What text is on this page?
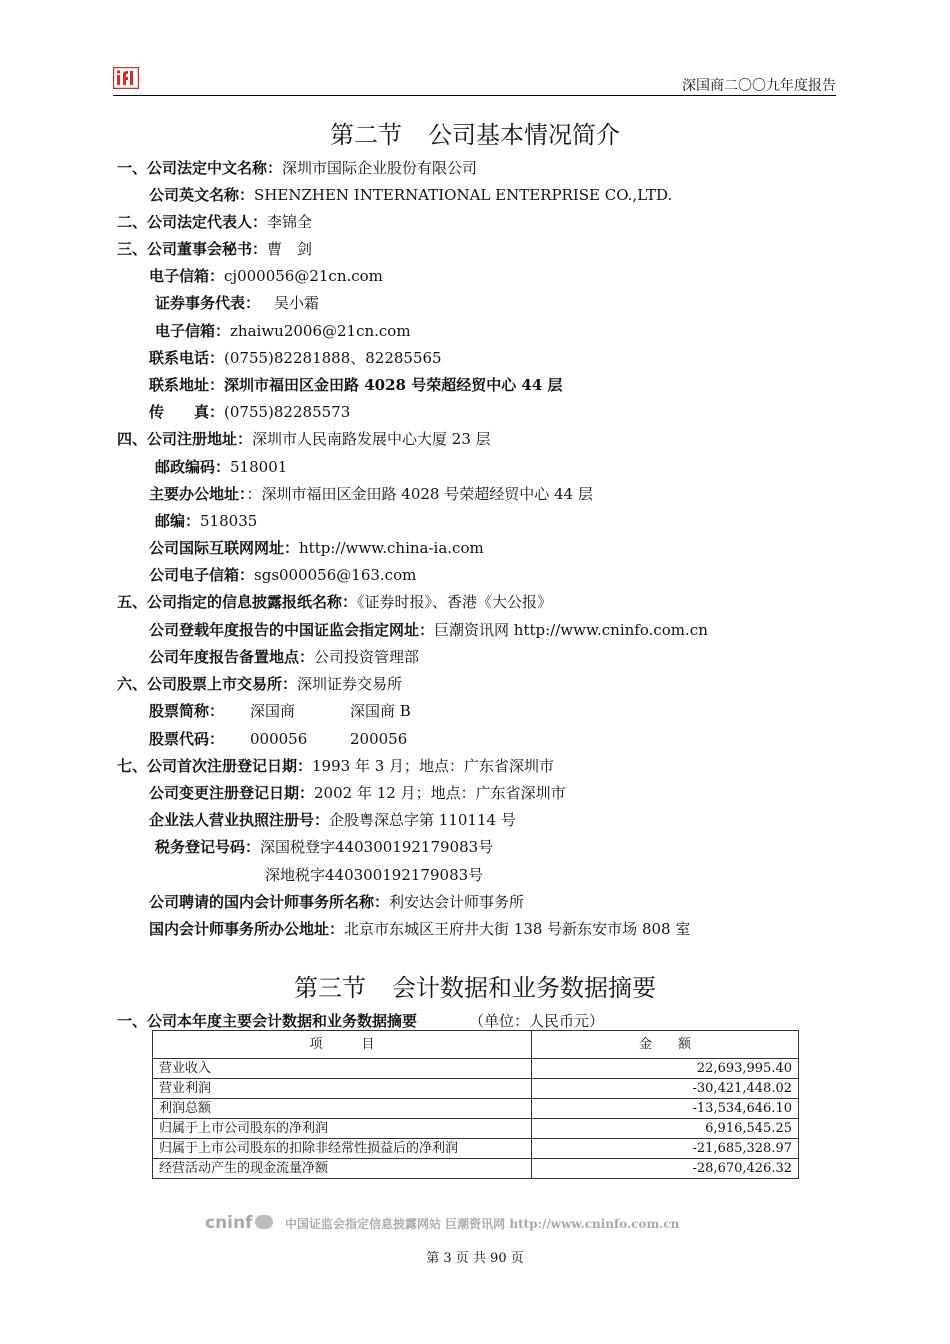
深国商二〇〇九年度报告
第二节 公司基本情况简介
一、公司法定中文名称：深圳市国际企业股份有限公司
公司英文名称：SHENZHEN INTERNATIONAL ENTERPRISE CO.,LTD.
二、公司法定代表人：李锦全
三、公司董事会秘书：曹　剑
电子信箱：cj000056@21cn.com
证券事务代表： 吴小霜
电子信箱：zhaiwu2006@21cn.com
联系电话：(0755)82281888、82285565
联系地址：深圳市福田区金田路 4028 号荣超经贸中心 44 层
传　　真：(0755)82285573
四、公司注册地址：深圳市人民南路发展中心大厦 23 层
邮政编码：518001
主要办公地址：：深圳市福田区金田路 4028 号荣超经贸中心 44 层
邮编：518035
公司国际互联网网址：http://www.china-ia.com
公司电子信箱：sgs000056@163.com
五、公司指定的信息披露报纸名称：《证券时报》、香港《大公报》
公司登载年度报告的中国证监会指定网址：巨潮资讯网 http://www.cninfo.com.cn
公司年度报告备置地点：公司投资管理部
六、公司股票上市交易所：深圳证券交易所
股票简称： 深国商	深国商 B
股票代码： 000056	200056
七、公司首次注册登记日期：1993 年 3 月；地点：广东省深圳市
公司变更注册登记日期：2002 年 12 月；地点：广东省深圳市
企业法人营业执照注册号：企股粤深总字第 110114 号
税务登记号码：深国税登字440300192179083号
深地税字440300192179083号
公司聘请的国内会计师事务所名称：利安达会计师事务所
国内会计师事务所办公地址：北京市东城区王府井大街 138 号新东安市场 808 室
第三节 会计数据和业务数据摘要
一、公司本年度主要会计数据和业务数据摘要	（单位：人民币元）
项　　　目	金　　额
营业收入	22,693,995.40
营业利润	-30,421,448.02
利润总额	-13,534,646.10
归属于上市公司股东的净利润	6,916,545.25
归属于上市公司股东的扣除非经常性损益后的净利润	-21,685,328.97
经营活动产生的现金流量净额	-28,670,426.32
cninf	中国证监会指定信息披露网站 巨潮资讯网 http://www.cninfo.com.cn
第 3 页 共 90 页
